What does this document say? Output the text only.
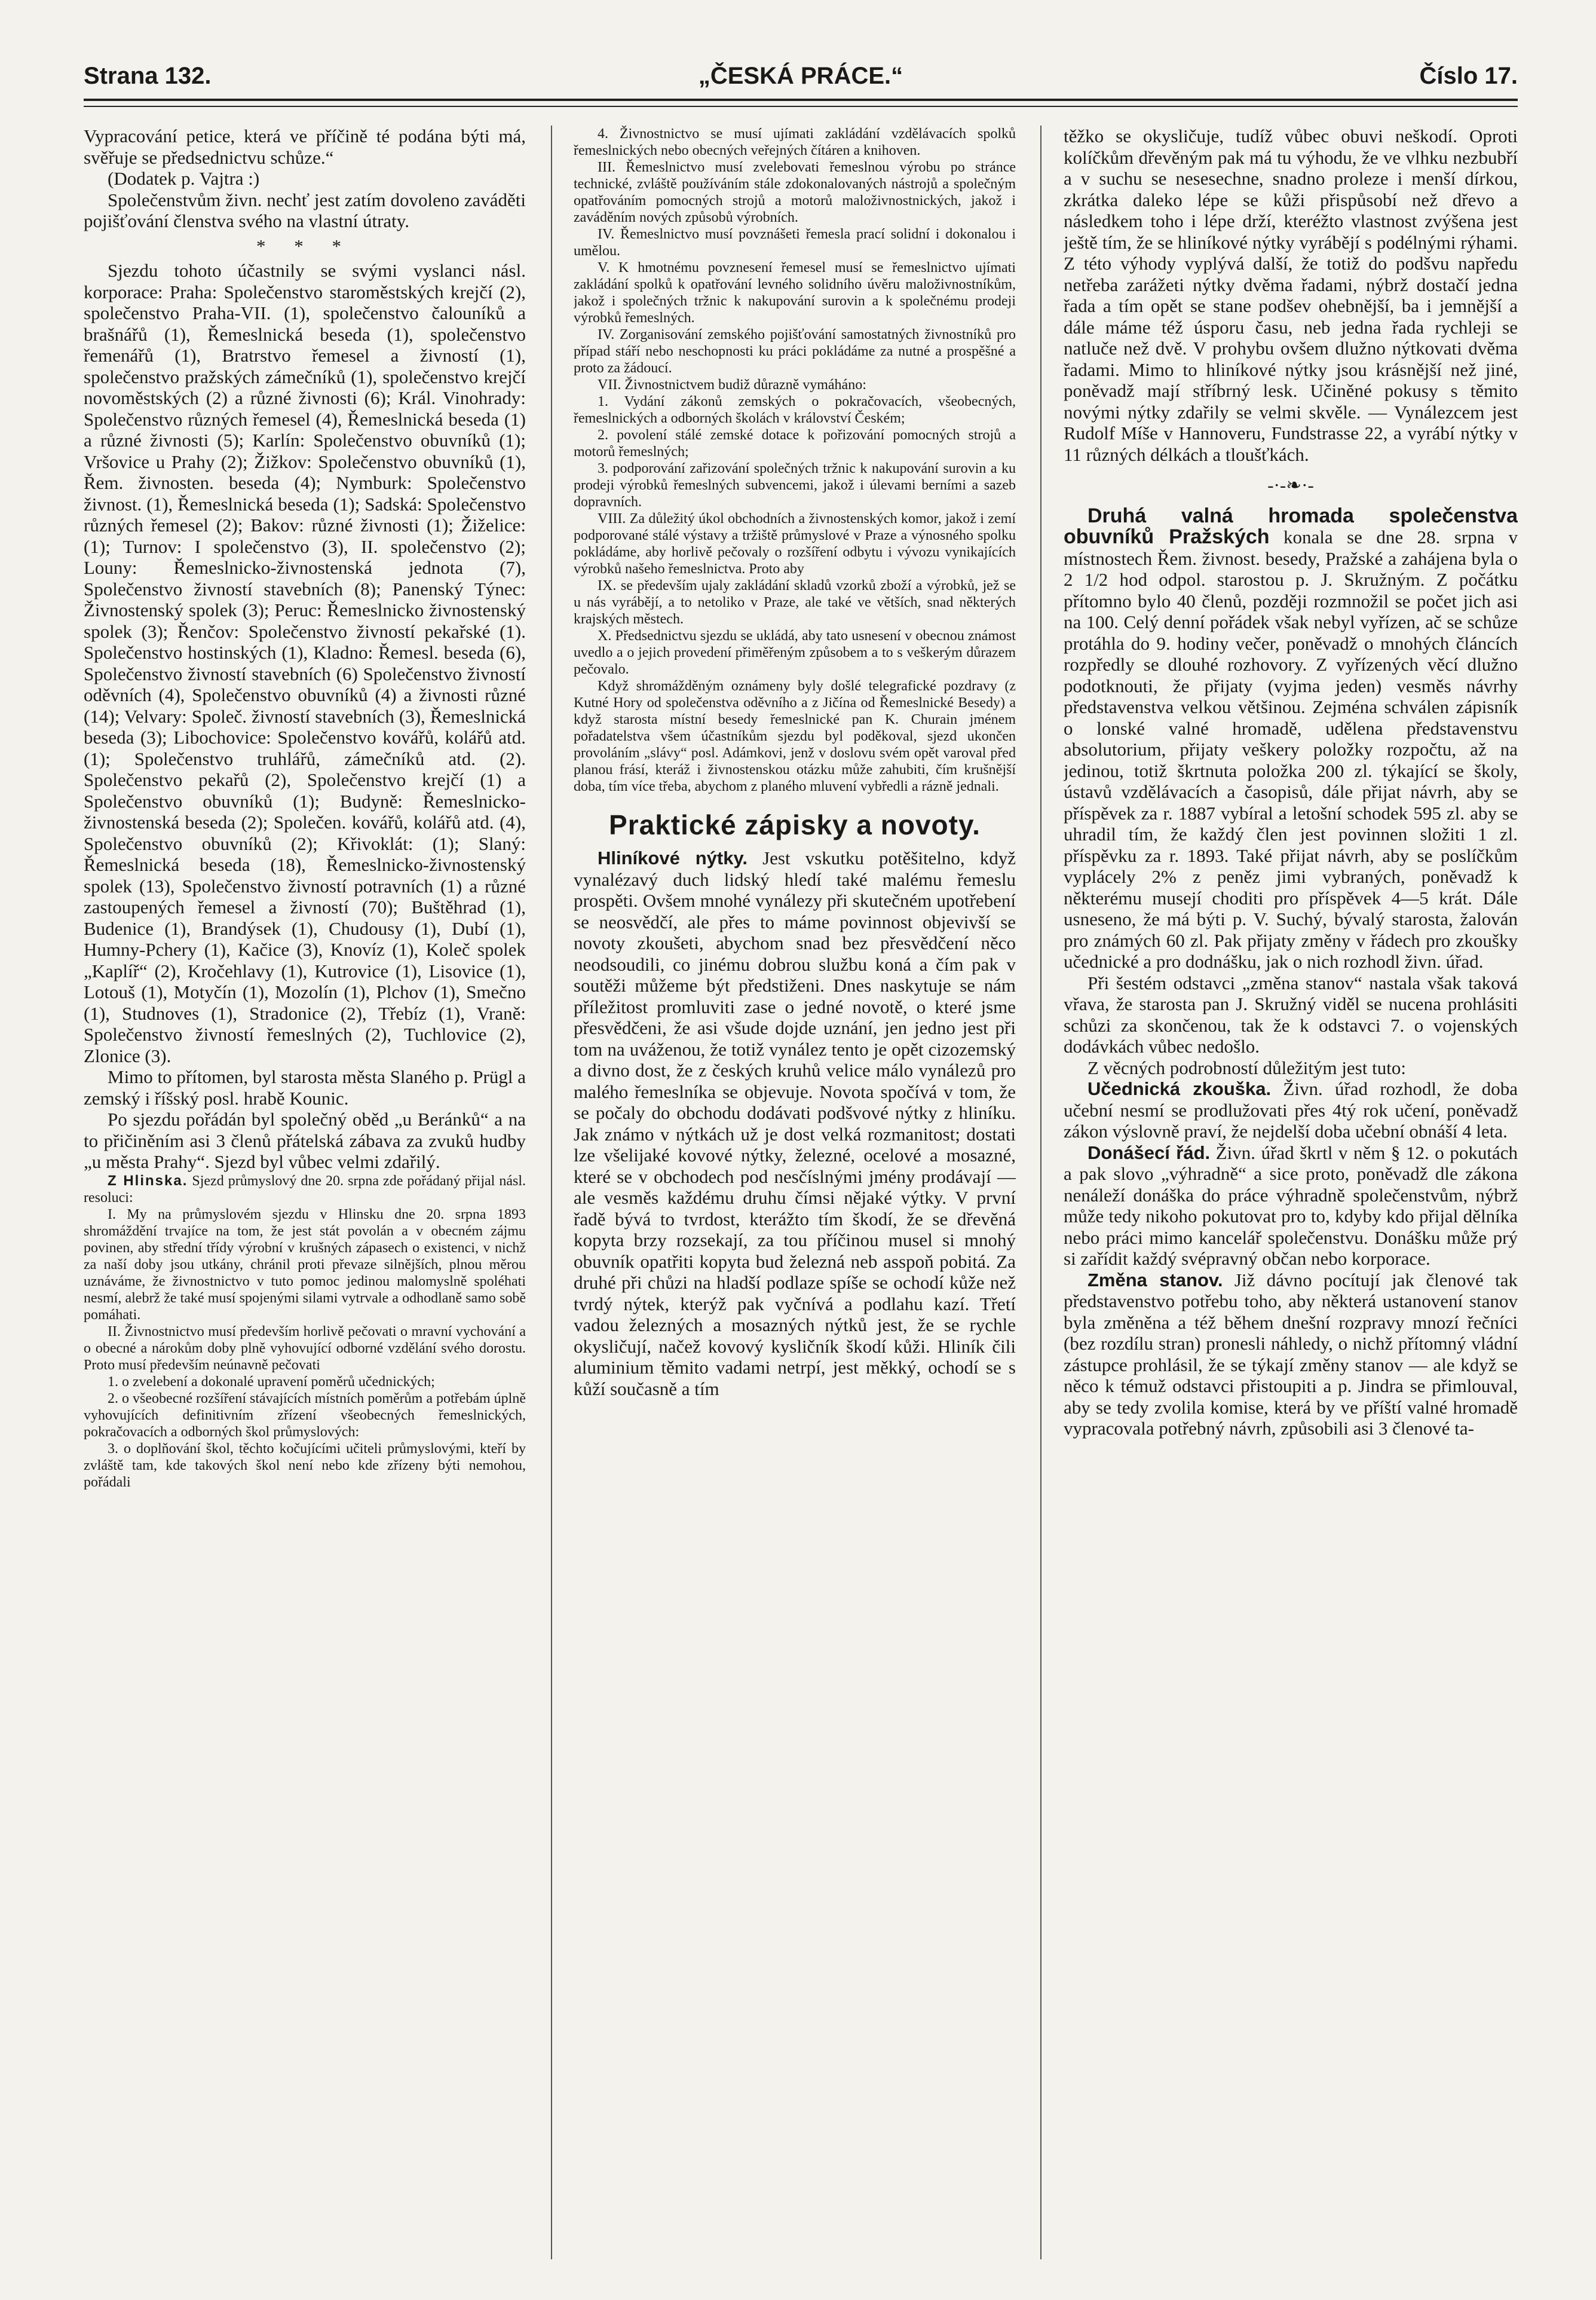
Strana 132.	„ČESKÁ PRÁCE.“	Číslo 17.

Vypracování petice, která ve příčině té podána býti má, svěřuje se předsednictvu schůze.“

(Dodatek p. Vajtra :)

Společenstvům živn. nechť jest zatím dovoleno zaváděti pojišťování členstva svého na vlastní útraty.

* * *

Sjezdu tohoto účastnily se svými vyslanci násl. korporace: Praha: Společenstvo staroměstských krejčí (2), společenstvo Praha-VII. (1), společenstvo čalouníků a brašnářů (1), Řemeslnická beseda (1), společenstvo řemenářů (1), Bratrstvo řemesel a živností (1), společenstvo pražských zámečníků (1), společenstvo krejčí novoměstských (2) a různé živnosti (6); Král. Vinohrady: Společenstvo různých řemesel (4), Řemeslnická beseda (1) a různé živnosti (5); Karlín: Společenstvo obuvníků (1); Vršovice u Prahy (2); Žižkov: Společenstvo obuvníků (1), Řem. živnosten. beseda (4); Nymburk: Společenstvo živnost. (1), Řemeslnická beseda (1); Sadská: Společenstvo různých řemesel (2); Bakov: různé živnosti (1); Žiželice: (1); Turnov: I společenstvo (3), II. společenstvo (2); Louny: Řemeslnicko-živnostenská jednota (7), Společenstvo živností stavebních (8); Panenský Týnec: Živnostenský spolek (3); Peruc: Řemeslnicko živnostenský spolek (3); Řenčov: Společenstvo živností pekařské (1). Společenstvo hostinských (1), Kladno: Řemesl. beseda (6), Společenstvo živností stavebních (6) Společenstvo živností oděvních (4), Společenstvo obuvníků (4) a živnosti různé (14); Velvary: Společ. živností stavebních (3), Řemeslnická beseda (3); Libochovice: Společenstvo kovářů, kolářů atd. (1); Společenstvo truhlářů, zámečníků atd. (2). Společenstvo pekařů (2), Společenstvo krejčí (1) a Společenstvo obuvníků (1); Budyně: Řemeslnicko-živnostenská beseda (2); Společen. kovářů, kolářů atd. (4), Společenstvo obuvníků (2); Křivoklát: (1); Slaný: Řemeslnická beseda (18), Řemeslnicko-živnostenský spolek (13), Společenstvo živností potravních (1) a různé zastoupených řemesel a živností (70); Buštěhrad (1), Budenice (1), Brandýsek (1), Chudousy (1), Dubí (1), Humny-Pchery (1), Kačice (3), Knovíz (1), Koleč spolek „Kaplíř“ (2), Kročehlavy (1), Kutrovice (1), Lisovice (1), Lotouš (1), Motyčín (1), Mozolín (1), Plchov (1), Smečno (1), Studnoves (1), Stradonice (2), Třebíz (1), Vraně: Společenstvo živností řemeslných (2), Tuchlovice (2), Zlonice (3).

Mimo to přítomen, byl starosta města Slaného p. Prügl a zemský i říšský posl. hrabě Kounic.

Po sjezdu pořádán byl společný oběd „u Beránků“ a na to přičiněním asi 3 členů přátelská zábava za zvuků hudby „u města Prahy“. Sjezd byl vůbec velmi zdařilý.

Z Hlinska. Sjezd průmyslový dne 20. srpna zde pořádaný přijal násl. resoluci:

I. My na průmyslovém sjezdu v Hlinsku dne 20. srpna 1893 shromáždění trvajíce na tom, že jest stát povolán a v obecném zájmu povinen, aby střední třídy výrobní v krušných zápasech o existenci, v nichž za naší doby jsou utkány, chránil proti převaze silnějších, plnou měrou uznáváme, že živnostnictvo v tuto pomoc jedinou malomyslně spoléhati nesmí, alebrž že také musí spojenými silami vytrvale a odhodlaně samo sobě pomáhati.

II. Živnostnictvo musí především horlivě pečovati o mravní vychování a o obecné a nárokům doby plně vyhovující odborné vzdělání svého dorostu. Proto musí především neúnavně pečovati

1. o zvelebení a dokonalé upravení poměrů učednických;

2. o všeobecné rozšíření stávajících místních poměrům a potřebám úplně vyhovujících definitivním zřízení všeobecných řemeslnických, pokračovacích a odborných škol průmyslových:

3. o doplňování škol, těchto kočujícími učiteli průmyslovými, kteří by zvláště tam, kde takových škol není nebo kde zřízeny býti nemohou, pořádali

4. Živnostnictvo se musí ujímati zakládání vzdělávacích spolků řemeslnických nebo obecných veřejných čítáren a knihoven.

III. Řemeslnictvo musí zvelebovati řemeslnou výrobu po stránce technické, zvláště používáním stále zdokonalovaných nástrojů a společným opatřováním pomocných strojů a motorů maloživnostnických, jakož i zaváděním nových způsobů výrobních.

IV. Řemeslnictvo musí povznášeti řemesla prací solidní i dokonalou i umělou.

V. K hmotnému povznesení řemesel musí se řemeslnictvo ujímati zakládání spolků k opatřování levného solidního úvěru maloživnostníkům, jakož i společných tržnic k nakupování surovin a k společnému prodeji výrobků řemeslných.

IV. Zorganisování zemského pojišťování samostatných živnostníků pro případ stáří nebo neschopnosti ku práci pokládáme za nutné a prospěšné a proto za žádoucí.

VII. Živnostnictvem budiž důrazně vymáháno:

1. Vydání zákonů zemských o pokračovacích, všeobecných, řemeslnických a odborných školách v království Českém;

2. povolení stálé zemské dotace k pořizování pomocných strojů a motorů řemeslných;

3. podporování zařizování společných tržnic k nakupování surovin a ku prodeji výrobků řemeslných subvencemi, jakož i úlevami berními a sazeb dopravních.

VIII. Za důležitý úkol obchodních a živnostenských komor, jakož i zemí podporované stálé výstavy a tržiště průmyslové v Praze a výnosného spolku pokládáme, aby horlivě pečovaly o rozšíření odbytu i vývozu vynikajících výrobků našeho řemeslnictva. Proto aby

IX. se především ujaly zakládání skladů vzorků zboží a výrobků, jež se u nás vyrábějí, a to netoliko v Praze, ale také ve větších, snad některých krajských městech.

X. Předsednictvu sjezdu se ukládá, aby tato usnesení v obecnou známost uvedlo a o jejich provedení přiměřeným způsobem a to s veškerým důrazem pečovalo.

Když shromážděným oznámeny byly došlé telegrafické pozdravy (z Kutné Hory od společenstva oděvního a z Jičína od Řemeslnické Besedy) a když starosta místní besedy řemeslnické pan K. Churain jménem pořadatelstva všem účastníkům sjezdu byl poděkoval, sjezd ukončen provoláním „slávy“ posl. Adámkovi, jenž v doslovu svém opět varoval před planou frásí, kteráž i živnostenskou otázku může zahubiti, čím krušnější doba, tím více třeba, abychom z planého mluvení vybředli a rázně jednali.

Praktické zápisky a novoty.

Hliníkové nýtky. Jest vskutku potěšitelno, když vynalézavý duch lidský hledí také malému řemeslu prospěti. Ovšem mnohé vynálezy při skutečném upotřebení se neosvědčí, ale přes to máme povinnost objevivší se novoty zkoušeti, abychom snad bez přesvědčení něco neodsoudili, co jinému dobrou službu koná a čím pak v soutěži můžeme být předstiženi. Dnes naskytuje se nám příležitost promluviti zase o jedné novotě, o které jsme přesvědčeni, že asi všude dojde uznání, jen jedno jest při tom na uváženou, že totiž vynález tento je opět cizozemský a divno dost, že z českých kruhů velice málo vynálezů pro malého řemeslníka se objevuje. Novota spočívá v tom, že se počaly do obchodu dodávati podšvové nýtky z hliníku. Jak známo v nýtkách už je dost velká rozmanitost; dostati lze všelijaké kovové nýtky, železné, ocelové a mosazné, které se v obchodech pod nesčíslnými jmény prodávají — ale vesměs každému druhu čímsi nějaké výtky. V první řadě bývá to tvrdost, kterážto tím škodí, že se dřevěná kopyta brzy rozsekají, za tou příčinou musel si mnohý obuvník opatřiti kopyta bud železná neb asspoň pobitá. Za druhé při chůzi na hladší podlaze spíše se ochodí kůže než tvrdý nýtek, kterýž pak vyčnívá a podlahu kazí. Třetí vadou železných a mosazných nýtků jest, že se rychle okysličují, načež kovový kysličník škodí kůži. Hliník čili aluminium těmito vadami netrpí, jest měkký, ochodí se s kůží současně a tím

těžko se okysličuje, tudíž vůbec obuvi neškodí. Oproti kolíčkům dřevěným pak má tu výhodu, že ve vlhku nezbubří a v suchu se nesesechne, snadno proleze i menší dírkou, zkrátka daleko lépe se kůži přispůsobí než dřevo a následkem toho i lépe drží, kteréžto vlastnost zvýšena jest ještě tím, že se hliníkové nýtky vyrábějí s podélnými rýhami. Z této výhody vyplývá další, že totiž do podšvu napředu netřeba zarážeti nýtky dvěma řadami, nýbrž dostačí jedna řada a tím opět se stane podšev ohebnější, ba i jemnější a dále máme též úsporu času, neb jedna řada rychleji se natluče než dvě. V prohybu ovšem dlužno nýtkovati dvěma řadami. Mimo to hliníkové nýtky jsou krásnější než jiné, poněvadž mají stříbrný lesk. Učiněné pokusy s těmito novými nýtky zdařily se velmi skvěle. — Vynálezcem jest Rudolf Míše v Hannoveru, Fundstrasse 22, a vyrábí nýtky v 11 různých délkách a tloušťkách.

-·-❧·-

Druhá valná hromada společenstva obuvníků Pražských konala se dne 28. srpna v místnostech Řem. živnost. besedy, Pražské a zahájena byla o 2 1/2 hod odpol. starostou p. J. Skružným. Z počátku přítomno bylo 40 členů, později rozmnožil se počet jich asi na 100. Celý denní pořádek však nebyl vyřízen, ač se schůze protáhla do 9. hodiny večer, poněvadž o mnohých článcích rozpředly se dlouhé rozhovory. Z vyřízených věcí dlužno podotknouti, že přijaty (vyjma jeden) vesměs návrhy představenstva velkou většinou. Zejména schválen zápisník o lonské valné hromadě, udělena představenstvu absolutorium, přijaty veškery položky rozpočtu, až na jedinou, totiž škrtnuta položka 200 zl. týkající se školy, ústavů vzdělávacích a časopisů, dále přijat návrh, aby se příspěvek za r. 1887 vybíral a letošní schodek 595 zl. aby se uhradil tím, že každý člen jest povinnen složiti 1 zl. příspěvku za r. 1893. Také přijat návrh, aby se poslíčkům vyplácely 2% z peněz jimi vybraných, poněvadž k některému musejí choditi pro příspěvek 4—5 krát. Dále usneseno, že má býti p. V. Suchý, bývalý starosta, žalován pro známých 60 zl. Pak přijaty změny v řádech pro zkoušky učednické a pro dodnášku, jak o nich rozhodl živn. úřad.

Při šestém odstavci „změna stanov“ nastala však taková vřava, že starosta pan J. Skružný viděl se nucena prohlásiti schůzi za skončenou, tak že k odstavci 7. o vojenských dodávkách vůbec nedošlo.

Z věcných podrobností důležitým jest tuto:

Učednická zkouška. Živn. úřad rozhodl, že doba učební nesmí se prodlužovati přes 4tý rok učení, poněvadž zákon výslovně praví, že nejdelší doba učební obnáší 4 leta.

Donášecí řád. Živn. úřad škrtl v něm § 12. o pokutách a pak slovo „výhradně“ a sice proto, poněvadž dle zákona nenáleží donáška do práce výhradně společenstvům, nýbrž může tedy nikoho pokutovat pro to, kdyby kdo přijal dělníka nebo práci mimo kancelář společenstvu. Donášku může prý si zařídit každý svépravný občan nebo korporace.

Změna stanov. Již dávno pocítují jak členové tak představenstvo potřebu toho, aby některá ustanovení stanov byla změněna a též během dnešní rozpravy mnozí řečníci (bez rozdílu stran) pronesli náhledy, o nichž přítomný vládní zástupce prohlásil, že se týkají změny stanov — ale když se něco k témuž odstavci přistoupiti a p. Jindra se přimlouval, aby se tedy zvolila komise, která by ve příští valné hromadě vypracovala potřebný návrh, způsobili asi 3 členové ta-
